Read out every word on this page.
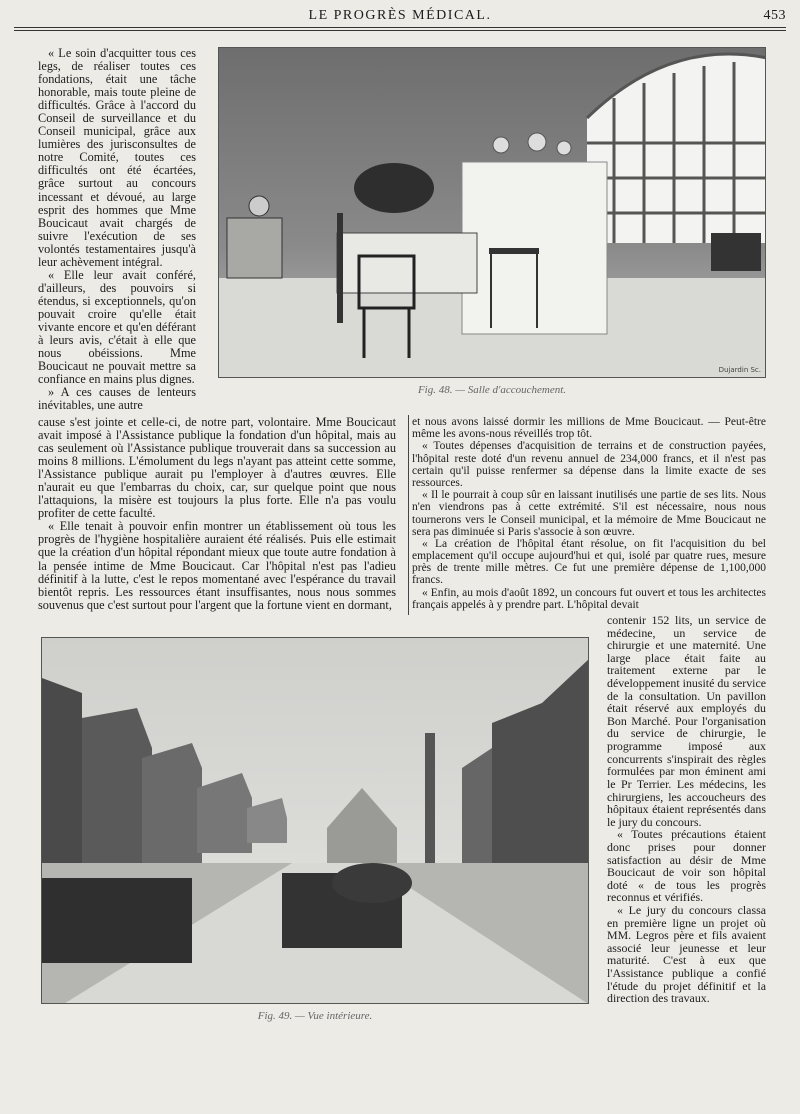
LE PROGRÈS MÉDICAL.	453

« Le soin d'acquitter tous ces legs, de réaliser toutes ces fondations, était une tâche honorable, mais toute pleine de difficultés. Grâce à l'accord du Conseil de surveillance et du Conseil municipal, grâce aux lumières des jurisconsultes de notre Comité, toutes ces difficultés ont été écartées, grâce surtout au concours incessant et dévoué, au large esprit des hommes que Mme Boucicaut avait chargés de suivre l'exécution de ses volontés testamentaires jusqu'à leur achèvement intégral.

« Elle leur avait conféré, d'ailleurs, des pouvoirs si étendus, si exceptionnels, qu'on pouvait croire qu'elle était vivante encore et qu'en déférant à leurs avis, c'était à elle que nous obéissions. Mme Boucicaut ne pouvait mettre sa confiance en mains plus dignes.

» A ces causes de lenteurs inévitables, une autre

Dujardin Sc.
Fig. 48. — Salle d'accouchement.

cause s'est jointe et celle-ci, de notre part, volontaire. Mme Boucicaut avait imposé à l'Assistance publique la fondation d'un hôpital, mais au cas seulement où l'Assistance publique trouverait dans sa succession au moins 8 millions. L'émolument du legs n'ayant pas atteint cette somme, l'Assistance publique aurait pu l'employer à d'autres œuvres. Elle n'aurait eu que l'embarras du choix, car, sur quelque point que nous l'attaquions, la misère est toujours la plus forte. Elle n'a pas voulu profiter de cette faculté.

« Elle tenait à pouvoir enfin montrer un établissement où tous les progrès de l'hygiène hospitalière auraient été réalisés. Puis elle estimait que la création d'un hôpital répondant mieux que toute autre fondation à la pensée intime de Mme Boucicaut. Car l'hôpital n'est pas l'adieu définitif à la lutte, c'est le repos momentané avec l'espérance du travail bientôt repris. Les ressources étant insuffisantes, nous nous sommes souvenus que c'est surtout pour l'argent que la fortune vient en dormant,

et nous avons laissé dormir les millions de Mme Boucicaut. — Peut-être même les avons-nous réveillés trop tôt.

« Toutes dépenses d'acquisition de terrains et de construction payées, l'hôpital reste doté d'un revenu annuel de 234,000 francs, et il n'est pas certain qu'il puisse renfermer sa dépense dans la limite exacte de ses ressources.

« Il le pourrait à coup sûr en laissant inutilisés une partie de ses lits. Nous n'en viendrons pas à cette extrémité. S'il est nécessaire, nous nous tournerons vers le Conseil municipal, et la mémoire de Mme Boucicaut ne sera pas diminuée si Paris s'associe à son œuvre.

« La création de l'hôpital étant résolue, on fit l'acquisition du bel emplacement qu'il occupe aujourd'hui et qui, isolé par quatre rues, mesure près de trente mille mètres. Ce fut une première dépense de 1,100,000 francs.

« Enfin, au mois d'août 1892, un concours fut ouvert et tous les architectes français appelés à y prendre part. L'hôpital devait

Fig. 49. — Vue intérieure.

contenir 152 lits, un service de médecine, un service de chirurgie et une maternité. Une large place était faite au traitement externe par le développement inusité du service de la consultation. Un pavillon était réservé aux employés du Bon Marché. Pour l'organisation du service de chirurgie, le programme imposé aux concurrents s'inspirait des règles formulées par mon éminent ami le Pr Terrier. Les médecins, les chirurgiens, les accoucheurs des hôpitaux étaient représentés dans le jury du concours.

« Toutes précautions étaient donc prises pour donner satisfaction au désir de Mme Boucicaut de voir son hôpital doté « de tous les progrès reconnus et vérifiés.

« Le jury du concours classa en première ligne un projet où MM. Legros père et fils avaient associé leur jeunesse et leur maturité. C'est à eux que l'Assistance publique a confié l'étude du projet définitif et la direction des travaux.
